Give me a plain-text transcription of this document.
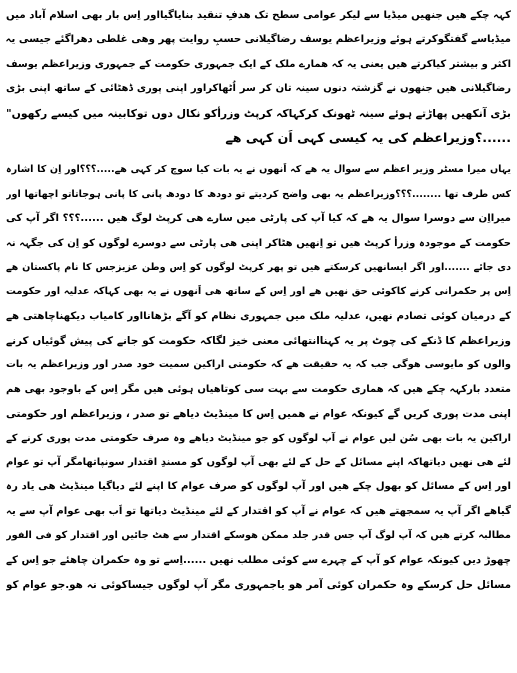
کہہ چکے ھیں جنھیں میڈیا سے لیکر عوامی سطح تک ھدفِ تنقید بنایاگیااور اِس بار بھی اسلام آباد میں
میڈیاسے گفتگوکرتے ہوئے وزیراعظم یوسف رضاگیلانی حسبِ روایت پھر وھی غلطی دھراگئے جیسی یہ
اکثر و بیشتر کیاکرتے ھیں یعنی یہ کہ ھمارے ملک کے ایک جمہوری حکومت کے جمہوری وزیراعظم یوسف
رضاگیلانی ھیں جنھوں نے گزشتہ دنوں سینہ تان کر سر اُٹھاکراور اپنی پوری ڈھٹائی کے ساتھ اپنی بڑی
بڑی آنکھیں پھاڑتے ہوئے سینہ ٹھونک کرکہاکہ کرپٹ وزرأکو نکال دوں توکابینہ میں کیسے رکھوں"
......؟وزیراعظم کی یہ کیسی کہی اَن کہی ھے
یہاں میرا مسٹر وزیر اعظم سے سوال یہ ھے کہ اَنھوں نے یہ بات کیا سوچ کر کہی ھے.....؟؟؟اور اِن کا اشارہ
کس طرف تھا ........؟؟؟وزیراعظم یہ بھی واضح کردیتے تو دودھ کا دودھ پانی کا پانی ہوجاتاتو اچھاتھا اور
میرااِن سے دوسرا سوال یہ ھے کہ کیا آپ کی پارٹی میں سارے ھی کرپٹ لوگ ھیں ......؟؟؟ اگر آپ کی
حکومت کے موجودہ وزرأ کرپٹ ھیں تو اِنھیں ھٹاکر اپنی ھی پارٹی سے دوسرے لوگوں کو اِن کی جگہہ نہ
دی جائے .......اور اگر ایسانھیں کرسکتے ھیں تو پھر کرپٹ لوگوں کو اِس وطن عزیزجس کا نام پاکستان ھے
اِس پر حکمرانی کرنے کاکوئی حق نھیں ھے اور اِس کے ساتھ ھی اَنھوں نے یہ بھی کہاکہ عدلیہ اور حکومت
کے درمیان کوئی تصادم نھیں، عدلیہ ملک میں جمہوری نظام کو آگے بڑھانااور کامیاب دیکھناچاھتی ھے
وزیراعظم کا ڈنکے کی چوٹ پر یہ کہناانتھائی معنی خیز لگاکہ حکومت کو جانے کی پیش گوئیاں کرنے
والوں کو مایوسی ھوگی جب کہ یہ حقیقت ھے کہ حکومتی اراکین سمیت خود صدر اور وزیراعظم یہ بات
متعدد بارکہہ چکے ھیں کہ ھماری حکومت سے بہت سی کوتاھیاں ہوئی ھیں مگر اِس کے باوجود بھی ھم
اپنی مدت پوری کریں گے کیونکہ عوام نے ھمیں اِس کا مینڈیٹ دیاھے تو صدر ، وزیراعظم اور حکومتی
اراکین یہ بات بھی سُن لیں عوام نے آپ لوگوں کو جو مینڈیٹ دیاھے وہ صرف حکومتی مدت پوری کرنے کے
لئے ھی نھیں دیاتھاکہ اپنے مسائل کے حل کے لئے بھی آپ لوگوں کو مسندِ اقتدار سونپاتھامگر آپ تو عوام
اور اِس کے مسائل کو بھول چکے ھیں اور آپ لوگوں کو صرف عوام کا اپنے لئے دیاگیا مینڈیٹ ھی یاد رہ
گیاھے اگر آپ یہ سمجھتے ھیں کہ عوام نے آپ کو اقتدار کے لئے مینڈیٹ دیاتھا تو اَب بھی عوام آپ سے یہ
مطالبہ کرتے ھیں کہ آپ لوگ آپ جس قدر جلد ممکن ھوسکے اقتدار سے ھٹ جائیں اور اقتدار کو فی الفور
چھوڑ دیں کیونکہ عوام کو آپ کے چہرے سے کوئی مطلب نھیں ......اِسے تو وہ حکمران چاھئے جو اِس کے
مسائل حل کرسکے وہ حکمران کوئی آمر ھو یاجمہوری مگر آپ لوگوں جیساکوئی نہ ھو.جو عوام کو
